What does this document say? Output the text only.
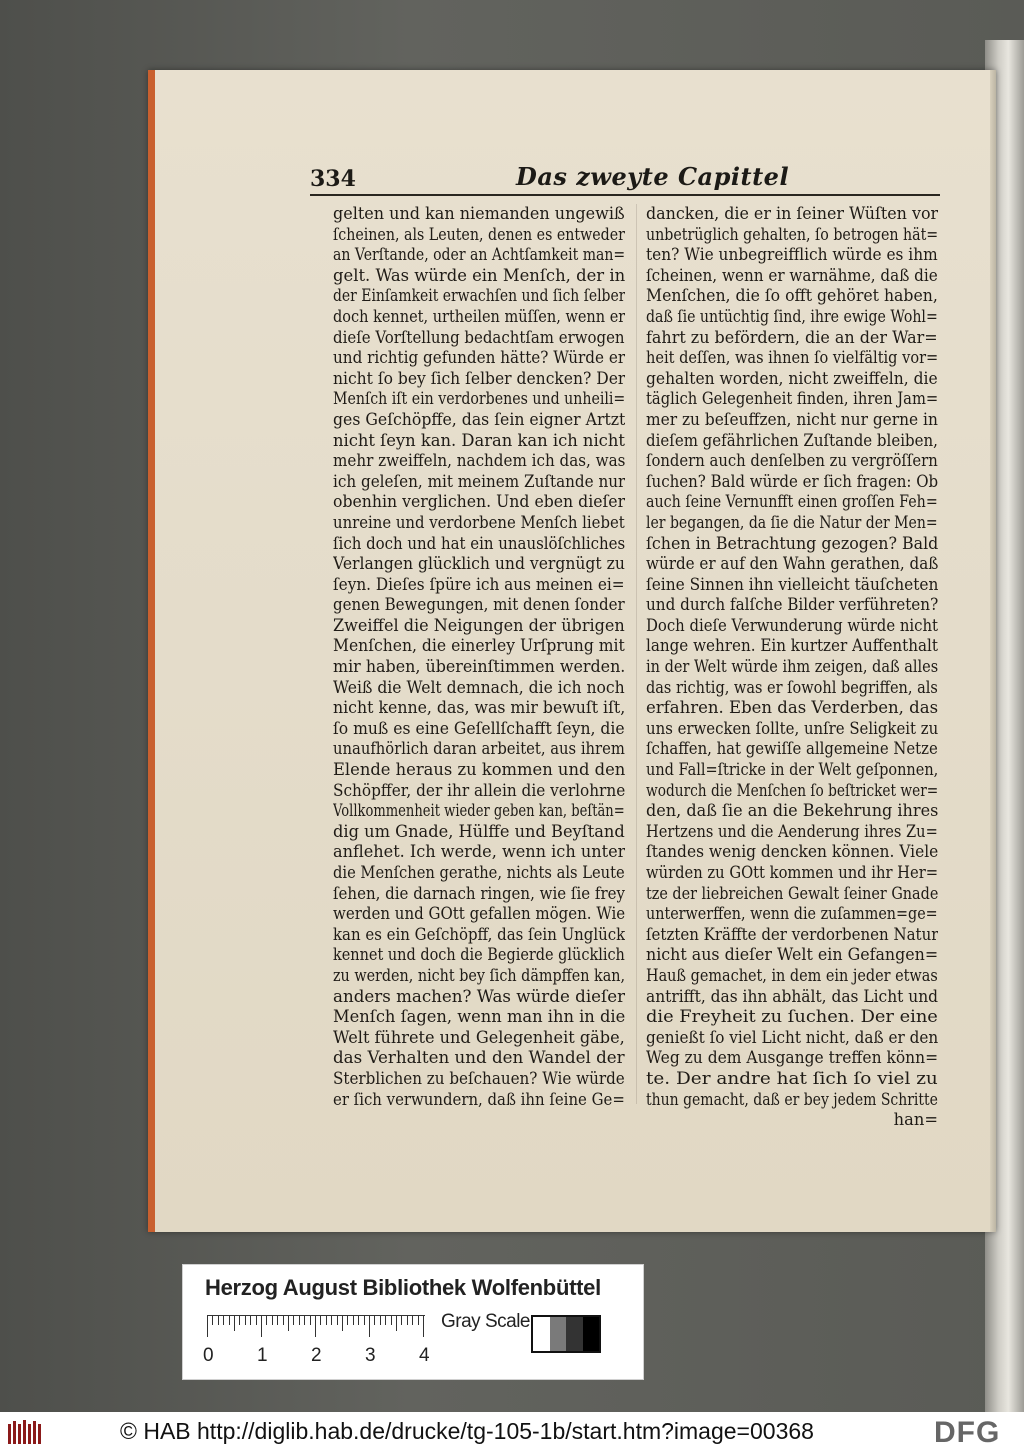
334	Das zweyte Capittel
gelten und kan niemanden ungewiß
ſcheinen, als Leuten, denen es entweder
an Verſtande, oder an Achtſamkeit man=
gelt. Was würde ein Menſch, der in
der Einſamkeit erwachſen und ſich ſelber
doch kennet, urtheilen müſſen, wenn er
dieſe Vorſtellung bedachtſam erwogen
und richtig gefunden hätte? Würde er
nicht ſo bey ſich ſelber dencken? Der
Menſch iſt ein verdorbenes und unheili=
ges Geſchöpffe, das ſein eigner Artzt
nicht ſeyn kan. Daran kan ich nicht
mehr zweiffeln, nachdem ich das, was
ich geleſen, mit meinem Zuſtande nur
obenhin verglichen. Und eben dieſer
unreine und verdorbene Menſch liebet
ſich doch und hat ein unauslöſchliches
Verlangen glücklich und vergnügt zu
ſeyn. Dieſes ſpüre ich aus meinen ei=
genen Bewegungen, mit denen ſonder
Zweiffel die Neigungen der übrigen
Menſchen, die einerley Urſprung mit
mir haben, übereinſtimmen werden.
Weiß die Welt demnach, die ich noch
nicht kenne, das, was mir bewuſt iſt,
ſo muß es eine Geſellſchafft ſeyn, die
unaufhörlich daran arbeitet, aus ihrem
Elende heraus zu kommen und den
Schöpffer, der ihr allein die verlohrne
Vollkommenheit wieder geben kan, beſtän=
dig um Gnade, Hülffe und Beyſtand
anflehet. Ich werde, wenn ich unter
die Menſchen gerathe, nichts als Leute
ſehen, die darnach ringen, wie ſie frey
werden und GOtt gefallen mögen. Wie
kan es ein Geſchöpff, das ſein Unglück
kennet und doch die Begierde glücklich
zu werden, nicht bey ſich dämpffen kan,
anders machen? Was würde dieſer
Menſch ſagen, wenn man ihn in die
Welt führete und Gelegenheit gäbe,
das Verhalten und den Wandel der
Sterblichen zu beſchauen? Wie würde
er ſich verwundern, daß ihn ſeine Ge=
dancken, die er in ſeiner Wüſten vor
unbetrüglich gehalten, ſo betrogen hät=
ten? Wie unbegreifflich würde es ihm
ſcheinen, wenn er warnähme, daß die
Menſchen, die ſo offt gehöret haben,
daß ſie untüchtig ſind, ihre ewige Wohl=
fahrt zu befördern, die an der War=
heit deſſen, was ihnen ſo vielfältig vor=
gehalten worden, nicht zweiffeln, die
täglich Gelegenheit finden, ihren Jam=
mer zu beſeuffzen, nicht nur gerne in
dieſem gefährlichen Zuſtande bleiben,
ſondern auch denſelben zu vergröſſern
ſuchen? Bald würde er ſich fragen: Ob
auch ſeine Vernunfft einen groſſen Feh=
ler begangen, da ſie die Natur der Men=
ſchen in Betrachtung gezogen? Bald
würde er auf den Wahn gerathen, daß
ſeine Sinnen ihn vielleicht täuſcheten
und durch falſche Bilder verführeten?
Doch dieſe Verwunderung würde nicht
lange wehren. Ein kurtzer Auffenthalt
in der Welt würde ihm zeigen, daß alles
das richtig, was er ſowohl begriffen, als
erfahren. Eben das Verderben, das
uns erwecken ſollte, unſre Seligkeit zu
ſchaffen, hat gewiſſe allgemeine Netze
und Fall=ſtricke in der Welt geſponnen,
wodurch die Menſchen ſo beſtricket wer=
den, daß ſie an die Bekehrung ihres
Hertzens und die Aenderung ihres Zu=
ſtandes wenig dencken können. Viele
würden zu GOtt kommen und ihr Her=
tze der liebreichen Gewalt ſeiner Gnade
unterwerffen, wenn die zuſammen=ge=
ſetzten Kräffte der verdorbenen Natur
nicht aus dieſer Welt ein Gefangen=
Hauß gemachet, in dem ein jeder etwas
antrifft, das ihn abhält, das Licht und
die Freyheit zu ſuchen. Der eine
genießt ſo viel Licht nicht, daß er den
Weg zu dem Ausgange treffen könn=
te. Der andre hat ſich ſo viel zu
thun gemacht, daß er bey jedem Schritte
han=
Herzog August Bibliothek Wolfenbüttel
0 1 2 3 4
Gray Scale
© HAB http://diglib.hab.de/drucke/tg-105-1b/start.htm?image=00368	DFG
